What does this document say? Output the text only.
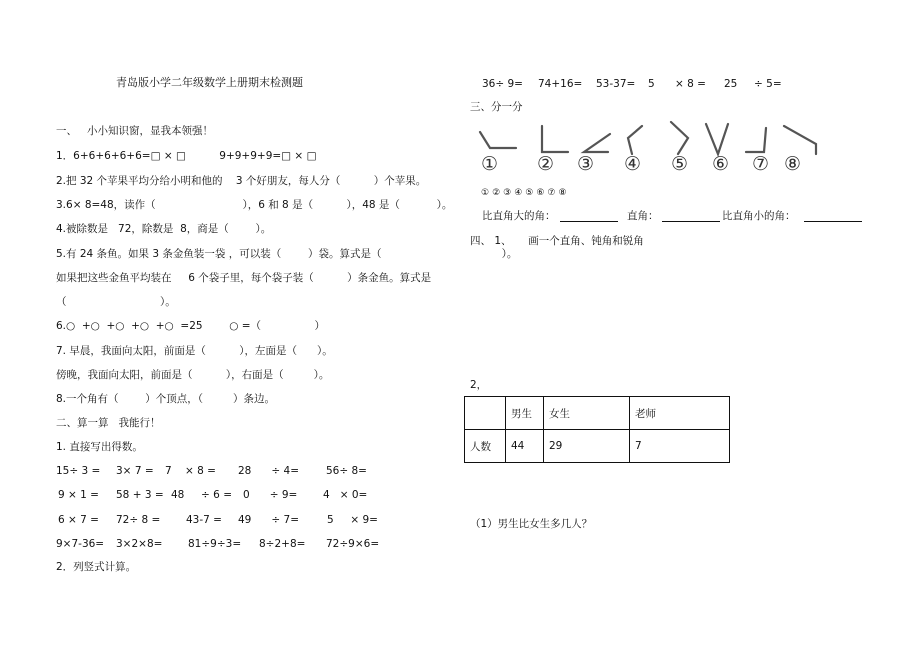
青岛版小学二年级数学上册期末检测题
一、   小小知识窗，显我本领强！
1．6+6+6+6+6=□ × □          9+9+9+9=□ × □
2.把 32 个苹果平均分给小明和他的    3 个好朋友，每人分（          ）个苹果。
3.6× 8=48，读作（                          ），6 和 8 是（          ），48 是（           ）。
4.被除数是   72，除数是  8，商是（        ）。
5.有 24 条鱼。如果 3 条金鱼装一袋 ，可以装（        ）袋。算式是（                                    ）。
如果把这些金鱼平均装在     6 个袋子里，每个袋子装（          ）条金鱼。算式是
（                            ）。
6.○  +○  +○  +○  +○  =25        ○ =（                ）
7. 早晨，我面向太阳，前面是（          ），左面是（      ）。
傍晚，我面向太阳，前面是（          ），右面是（         ）。
8.一个角有（        ）个顶点，（         ）条边。
二、算一算   我能行！
1. 直接写出得数。
15÷ 3 = 3× 7 = 7    × 8 = 28      ÷ 4=	56÷ 8=
9 × 1 = 58 + 3 = 48     ÷ 6 = 0      ÷ 9= 4   × 0=
6 × 7 = 72÷ 8 = 43-7 = 49      ÷ 7=	5     × 9=
9×7-36= 3×2×8= 81÷9÷3= 8÷2+8= 72÷9×6=
2．列竖式计算。
36÷ 9= 74+16= 53-37= 5 × 8 = 25 ÷ 5=
三、分一分
① ② ③ ④ ⑤ ⑥ ⑦ ⑧
①②③④⑤⑥⑦⑧
比直角大的角：	直角：	比直角小的角：
四、 1、     画一个直角、钝角和锐角
2，
	男生	女生	老师
人数	44	29	7
（1）男生比女生多几人？
